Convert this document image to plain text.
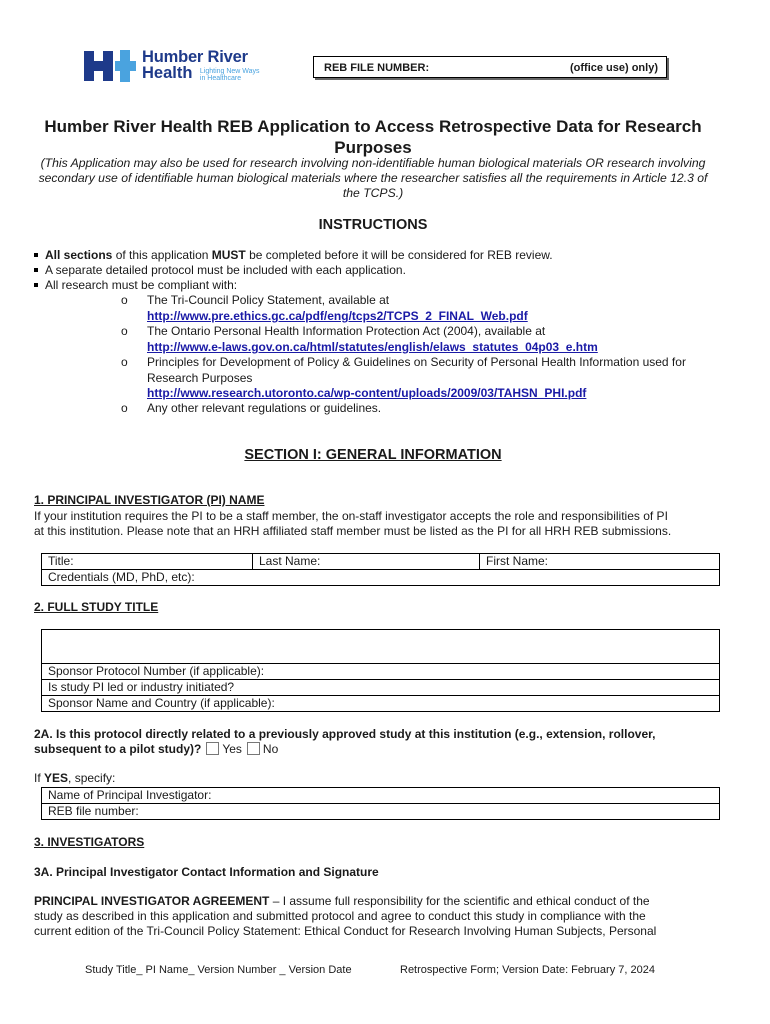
Humber River
Health Lighting New Ways
in Healthcare
REB FILE NUMBER:	(office use) only)
Humber River Health REB Application to Access Retrospective Data for Research Purposes
(This Application may also be used for research involving non-identifiable human biological materials OR research involving secondary use of identifiable human biological materials where the researcher satisfies all the requirements in Article 12.3 of the TCPS.)
INSTRUCTIONS
All sections of this application MUST be completed before it will be considered for REB review.
A separate detailed protocol must be included with each application.
All research must be compliant with:
o The Tri-Council Policy Statement, available at
http://www.pre.ethics.gc.ca/pdf/eng/tcps2/TCPS_2_FINAL_Web.pdf
o The Ontario Personal Health Information Protection Act (2004), available at
http://www.e-laws.gov.on.ca/html/statutes/english/elaws_statutes_04p03_e.htm
o Principles for Development of Policy & Guidelines on Security of Personal Health Information used for
Research Purposes
http://www.research.utoronto.ca/wp-content/uploads/2009/03/TAHSN_PHI.pdf
o Any other relevant regulations or guidelines.
SECTION I: GENERAL INFORMATION
1. PRINCIPAL INVESTIGATOR (PI) NAME
If your institution requires the PI to be a staff member, the on-staff investigator accepts the role and responsibilities of PI
at this institution. Please note that an HRH affiliated staff member must be listed as the PI for all HRH REB submissions.
Title:	Last Name:	First Name:
Credentials (MD, PhD, etc):
2. FULL STUDY TITLE

Sponsor Protocol Number (if applicable):
Is study PI led or industry initiated?
Sponsor Name and Country (if applicable):
2A. Is this protocol directly related to a previously approved study at this institution (e.g., extension, rollover,
subsequent to a pilot study)? Yes No
If YES, specify:
Name of Principal Investigator:
REB file number:
3. INVESTIGATORS
3A. Principal Investigator Contact Information and Signature
PRINCIPAL INVESTIGATOR AGREEMENT – I assume full responsibility for the scientific and ethical conduct of the
study as described in this application and submitted protocol and agree to conduct this study in compliance with the
current edition of the Tri-Council Policy Statement: Ethical Conduct for Research Involving Human Subjects, Personal
Study Title_ PI Name_ Version Number _ Version Date	Retrospective Form; Version Date: February 7, 2024
